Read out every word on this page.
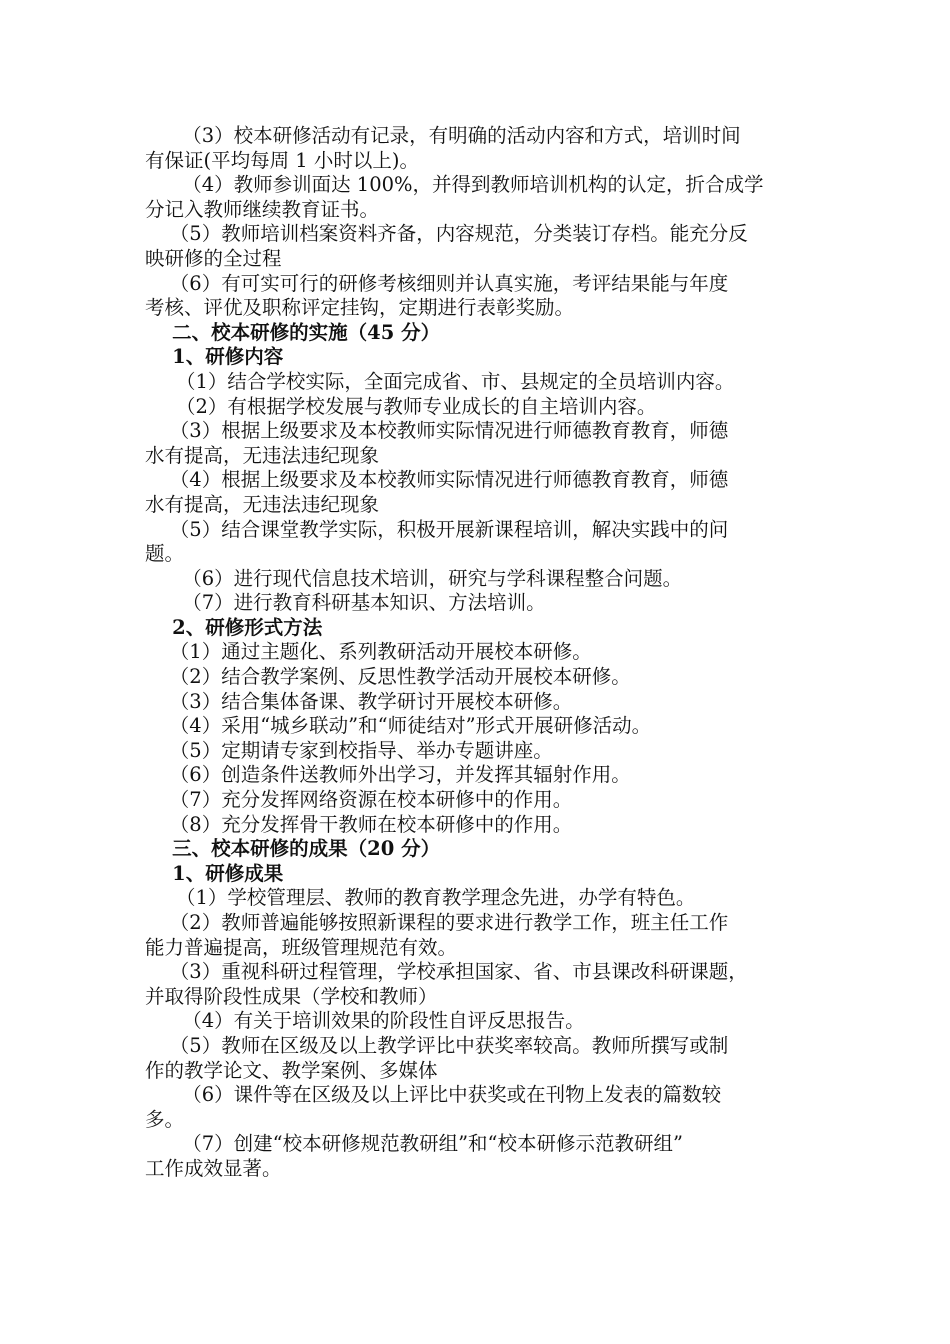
（3）校本研修活动有记录，有明确的活动内容和方式，培训时间

有保证(平均每周 1 小时以上)。

（4）教师参训面达 100%，并得到教师培训机构的认定，折合成学

分记入教师继续教育证书。

（5）教师培训档案资料齐备，内容规范，分类装订存档。能充分反

映研修的全过程

（6）有可实可行的研修考核细则并认真实施，考评结果能与年度

考核、评优及职称评定挂钩，定期进行表彰奖励。

二、校本研修的实施（45 分）

1、研修内容

（1）结合学校实际，全面完成省、市、县规定的全员培训内容。

（2）有根据学校发展与教师专业成长的自主培训内容。

（3）根据上级要求及本校教师实际情况进行师德教育教育，师德

水有提高，无违法违纪现象

（4）根据上级要求及本校教师实际情况进行师德教育教育，师德

水有提高，无违法违纪现象

（5）结合课堂教学实际，积极开展新课程培训，解决实践中的问

题。

（6）进行现代信息技术培训，研究与学科课程整合问题。

（7）进行教育科研基本知识、方法培训。

2、研修形式方法

（1）通过主题化、系列教研活动开展校本研修。

（2）结合教学案例、反思性教学活动开展校本研修。

（3）结合集体备课、教学研讨开展校本研修。

（4）采用“城乡联动”和“师徒结对”形式开展研修活动。

（5）定期请专家到校指导、举办专题讲座。

（6）创造条件送教师外出学习，并发挥其辐射作用。

（7）充分发挥网络资源在校本研修中的作用。

（8）充分发挥骨干教师在校本研修中的作用。

三、校本研修的成果（20 分）

1、研修成果

（1）学校管理层、教师的教育教学理念先进，办学有特色。

（2）教师普遍能够按照新课程的要求进行教学工作，班主任工作

能力普遍提高，班级管理规范有效。

（3）重视科研过程管理，学校承担国家、省、市县课改科研课题，

并取得阶段性成果（学校和教师）

（4）有关于培训效果的阶段性自评反思报告。

（5）教师在区级及以上教学评比中获奖率较高。教师所撰写或制

作的教学论文、教学案例、多媒体

（6）课件等在区级及以上评比中获奖或在刊物上发表的篇数较

多。

（7）创建“校本研修规范教研组”和“校本研修示范教研组”

工作成效显著。
